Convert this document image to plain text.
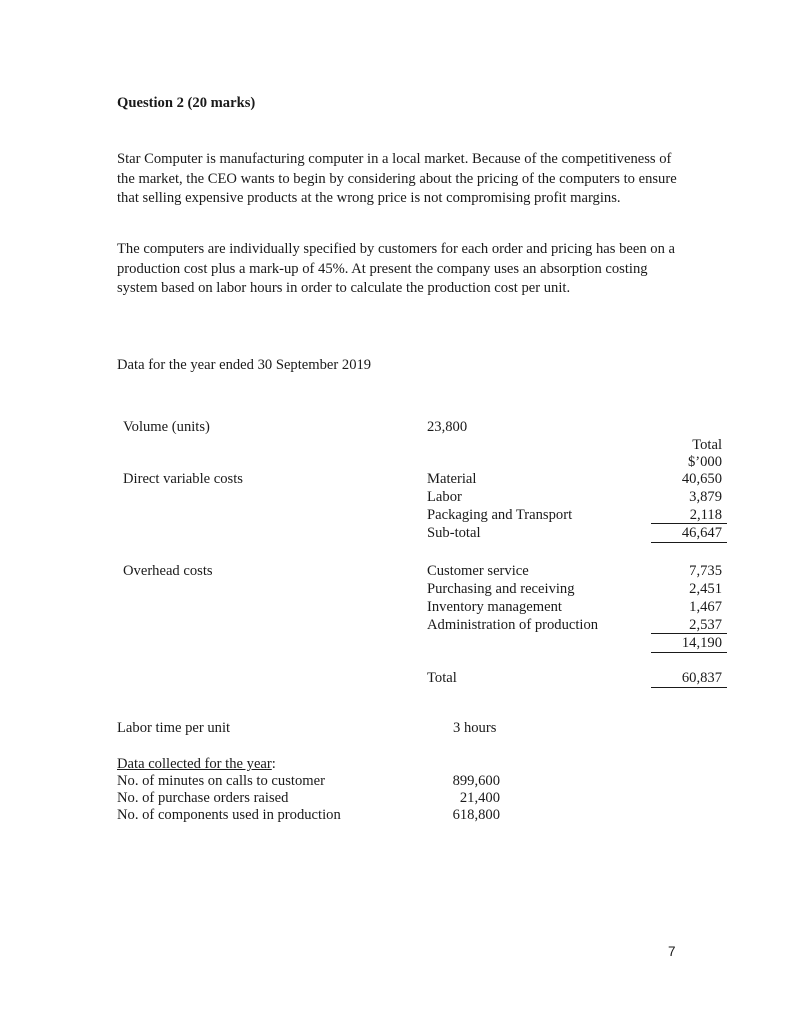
Question 2 (20 marks)
Star Computer is manufacturing computer in a local market. Because of the competitiveness of the market, the CEO wants to begin by considering about the pricing of the computers to ensure that selling expensive products at the wrong price is not compromising profit margins.
The computers are individually specified by customers for each order and pricing has been on a production cost plus a mark-up of 45%. At present the company uses an absorption costing system based on labor hours in order to calculate the production cost per unit.
Data for the year ended 30 September 2019
Volume (units)	23,800
Total
$’000
Direct variable costs	Material	40,650
Labor	3,879
Packaging and Transport	2,118
Sub-total	46,647
Overhead costs	Customer service	7,735
Purchasing and receiving	2,451
Inventory management	1,467
Administration of production	2,537
14,190
Total	60,837
Labor time per unit	3 hours
Data collected for the year:
No. of minutes on calls to customer	899,600
No. of purchase orders raised	21,400
No. of components used in production	618,800
7
